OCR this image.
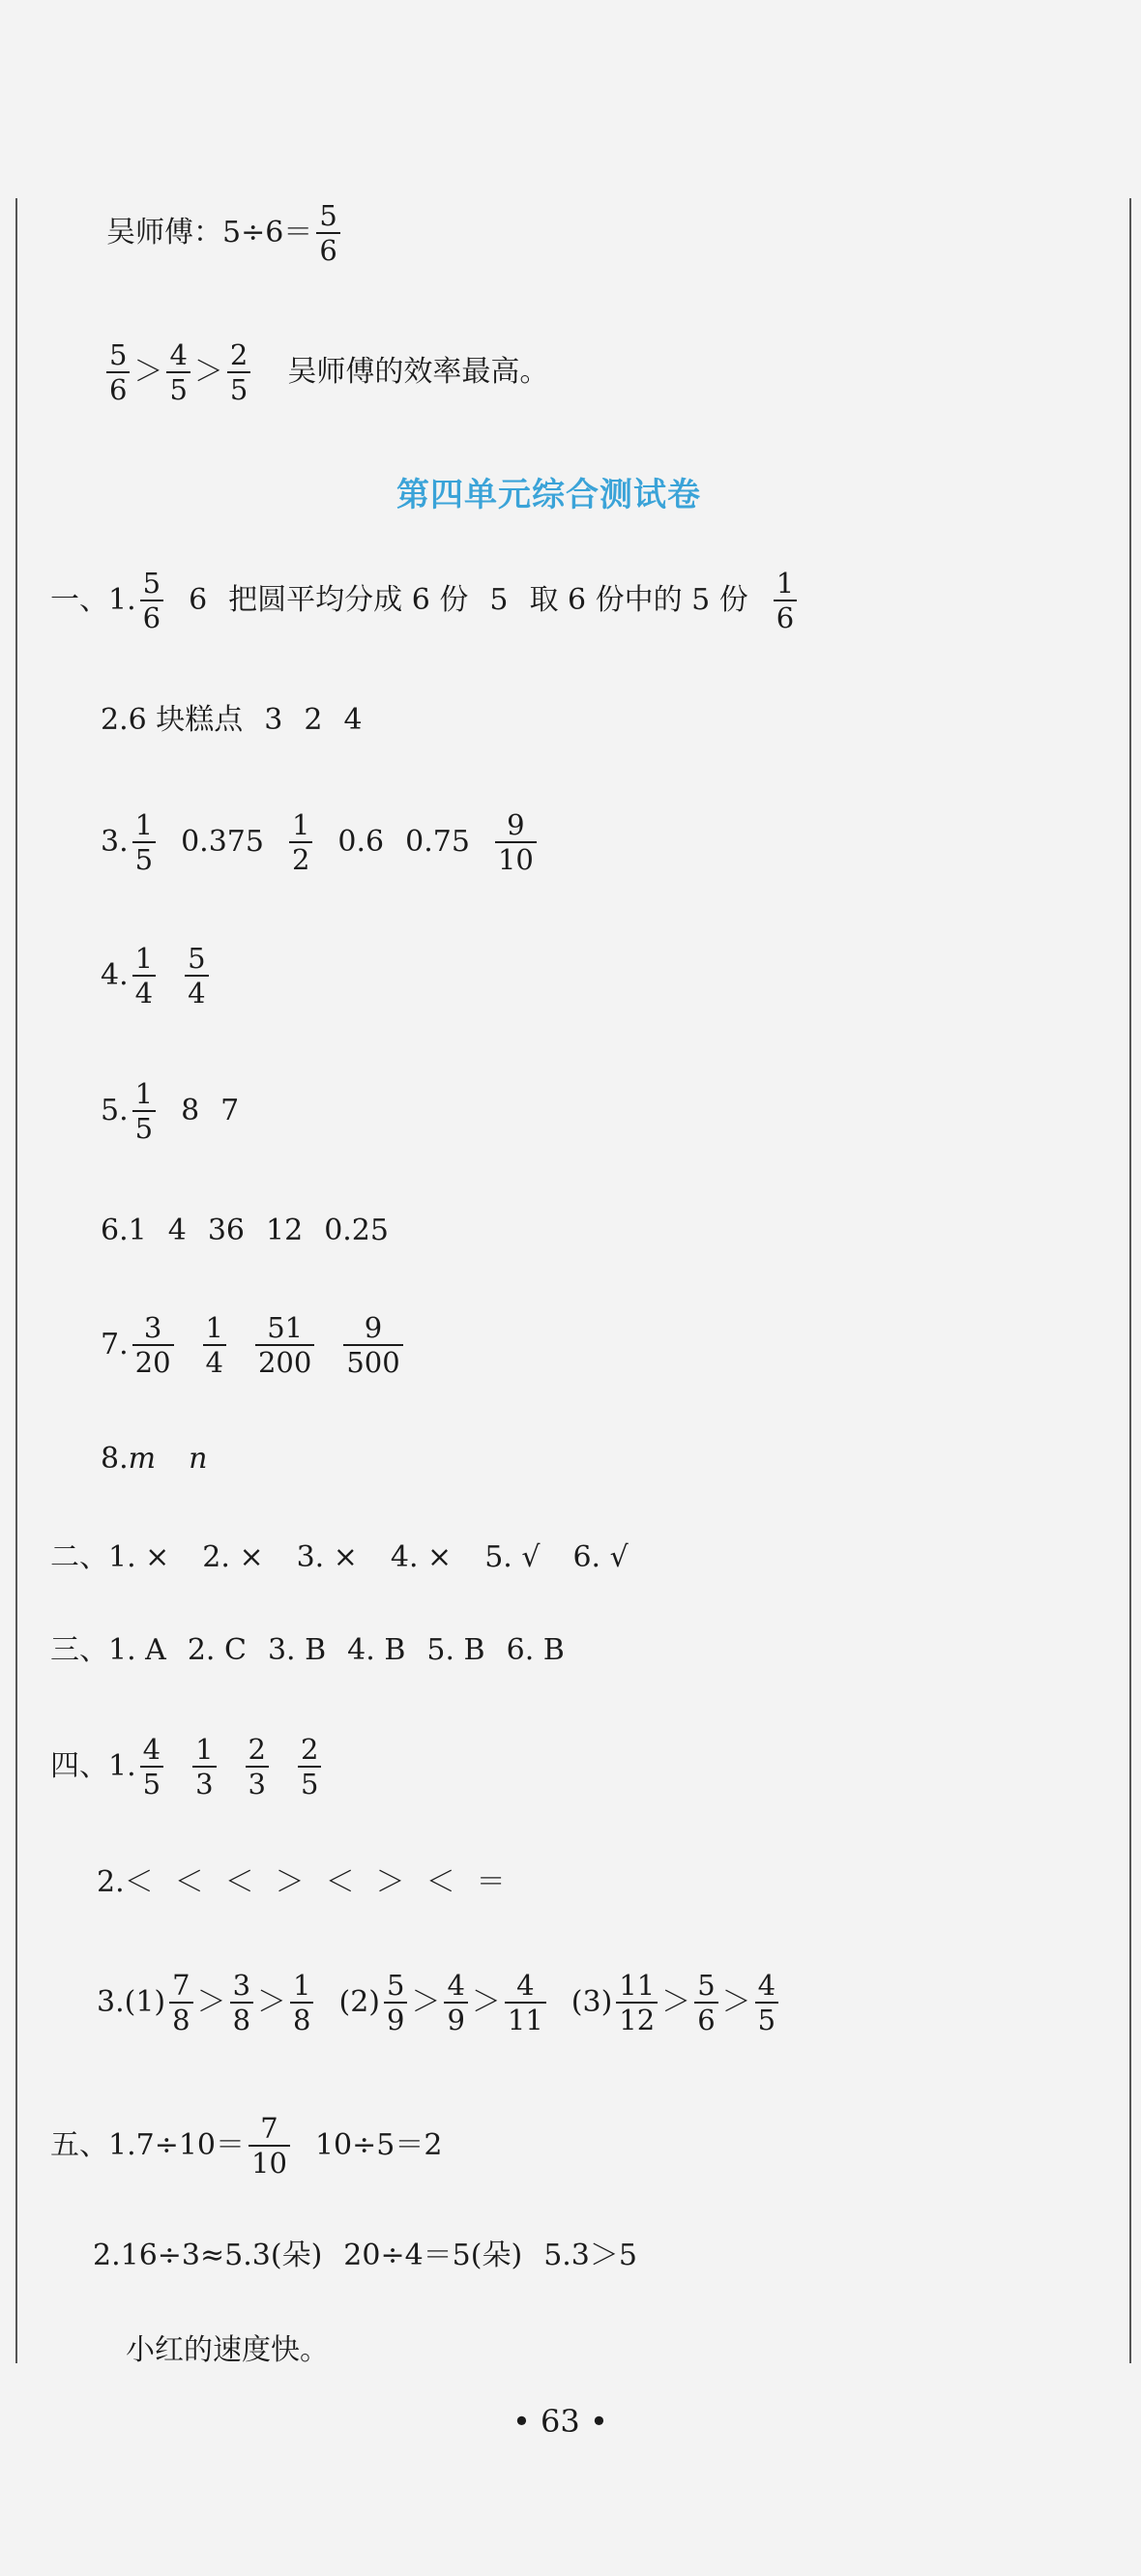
吴师傅：$5\div 6= \frac{5}{6}$
$\frac{5}{6} > \frac{4}{5} > \frac{2}{5}$ 吴师傅的效率最高。
第四单元综合测试卷
一、1. $\frac{5}{6} 6$ 把圆平均分成 6 份 5 取 6 份中的 5 份 $\frac{1}{6}$
2. 6 块糕点 3 2 4
3. $\frac{1}{5} 0.375 \frac{1}{2} 0.6$ $0.75 \frac{9}{10}$
4. $\frac{1}{4} \frac{5}{4}$
5. $\frac{1}{5} 8$ 7
6. 1 4 36 12 0.25
7. $\frac{3}{20} \frac{1}{4} \frac{51}{200} \frac{9}{500}$
8. m n
二、 1. × 2. × 3. × 4. × 5. √ 6. √
三、 1. A 2. C 3. B 4. B 5. B 6. B
四、1. $\frac{4}{5} \frac{1}{3} \frac{2}{3} \frac{2}{5}$
2. ＜ ＜ ＜ ＞ ＜ ＞ ＜ ＝
3. $(1) \frac{7}{8} > \frac{3}{8} > \frac{1}{8} (2) \frac{5}{9} > \frac{4}{9} > \frac{4}{11} (3) \frac{11}{12} > \frac{5}{6} > \frac{4}{5}$
五、1. $7\div 10= \frac{7}{10} 10\div 5=2$
2. 16÷3≈5.3(朵) 20÷4＝5(朵) 5.3＞5
小红的速度快。
• 63 •
